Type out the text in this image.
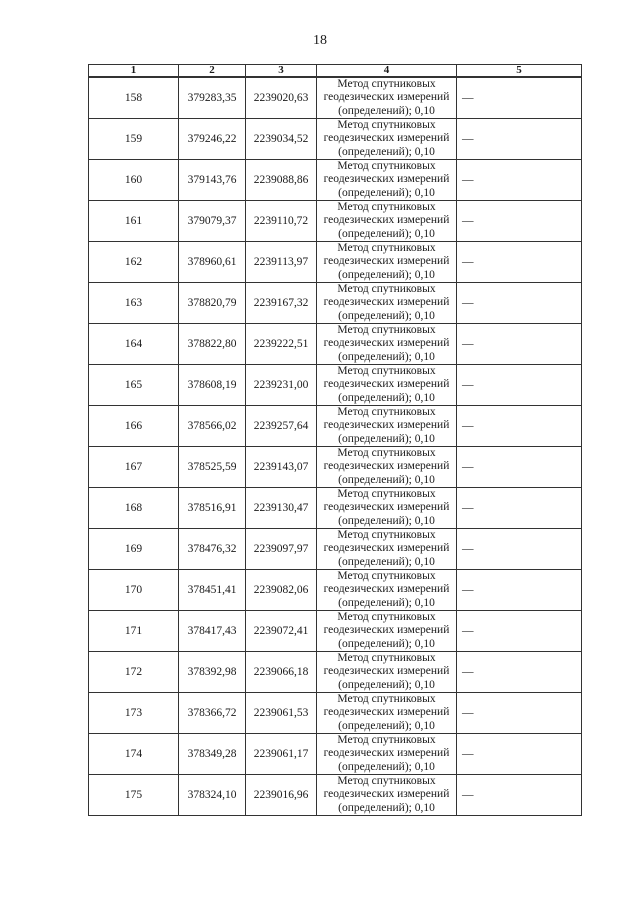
18
1	2	3	4	5
158	379283,35	2239020,63	Метод спутниковых
геодезических измерений
(определений); 0,10	—
159	379246,22	2239034,52	Метод спутниковых
геодезических измерений
(определений); 0,10	—
160	379143,76	2239088,86	Метод спутниковых
геодезических измерений
(определений); 0,10	—
161	379079,37	2239110,72	Метод спутниковых
геодезических измерений
(определений); 0,10	—
162	378960,61	2239113,97	Метод спутниковых
геодезических измерений
(определений); 0,10	—
163	378820,79	2239167,32	Метод спутниковых
геодезических измерений
(определений); 0,10	—
164	378822,80	2239222,51	Метод спутниковых
геодезических измерений
(определений); 0,10	—
165	378608,19	2239231,00	Метод спутниковых
геодезических измерений
(определений); 0,10	—
166	378566,02	2239257,64	Метод спутниковых
геодезических измерений
(определений); 0,10	—
167	378525,59	2239143,07	Метод спутниковых
геодезических измерений
(определений); 0,10	—
168	378516,91	2239130,47	Метод спутниковых
геодезических измерений
(определений); 0,10	—
169	378476,32	2239097,97	Метод спутниковых
геодезических измерений
(определений); 0,10	—
170	378451,41	2239082,06	Метод спутниковых
геодезических измерений
(определений); 0,10	—
171	378417,43	2239072,41	Метод спутниковых
геодезических измерений
(определений); 0,10	—
172	378392,98	2239066,18	Метод спутниковых
геодезических измерений
(определений); 0,10	—
173	378366,72	2239061,53	Метод спутниковых
геодезических измерений
(определений); 0,10	—
174	378349,28	2239061,17	Метод спутниковых
геодезических измерений
(определений); 0,10	—
175	378324,10	2239016,96	Метод спутниковых
геодезических измерений
(определений); 0,10	—
